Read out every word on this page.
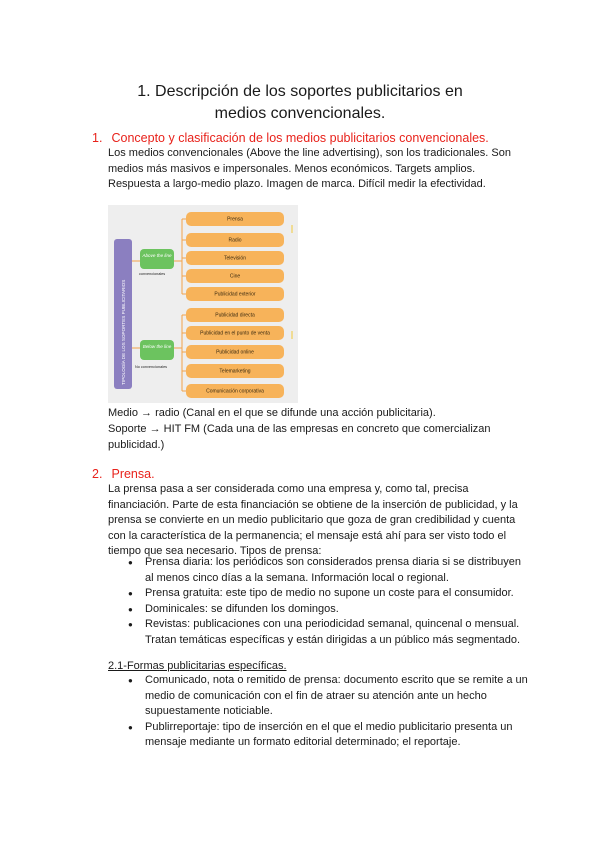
1. Descripción de los soportes publicitarios en medios convencionales.
1. Concepto y clasificación de los medios publicitarios convencionales.

Los medios convencionales (Above the line advertising), son los tradicionales. Son medios más masivos e impersonales. Menos económicos. Targets amplios. Respuesta a largo-medio plazo. Imagen de marca. Difícil medir la efectividad.

TIPOLOGÍA DE LOS SOPORTES PUBLICITARIOS
Above the line
convencionales
Below the line
No convencionales
Prensa
Radio
Televisión
Cine
Publicidad exterior
Publicidad directa
Publicidad en el punto de venta
Publicidad online
Telemarketing
Comunicación corporativa

Medio → radio (Canal en el que se difunde una acción publicitaria).

Soporte → HIT FM (Cada una de las empresas en concreto que comercializan publicidad.)

2. Prensa.

La prensa pasa a ser considerada como una empresa y, como tal, precisa financiación. Parte de esta financiación se obtiene de la inserción de publicidad, y la prensa se convierte en un medio publicitario que goza de gran credibilidad y cuenta con la característica de la permanencia; el mensaje está ahí para ser visto todo el tiempo que sea necesario. Tipos de prensa:

● Prensa diaria: los periódicos son considerados prensa diaria si se distribuyen al menos cinco días a la semana. Información local o regional.
● Prensa gratuita: este tipo de medio no supone un coste para el consumidor.
● Dominicales: se difunden los domingos.
● Revistas: publicaciones con una periodicidad semanal, quincenal o mensual. Tratan temáticas específicas y están dirigidas a un público más segmentado.
2.1-Formas publicitarias específicas.
● Comunicado, nota o remitido de prensa: documento escrito que se remite a un medio de comunicación con el fin de atraer su atención ante un hecho supuestamente noticiable.
● Publirreportaje: tipo de inserción en el que el medio publicitario presenta un mensaje mediante un formato editorial determinado; el reportaje.
